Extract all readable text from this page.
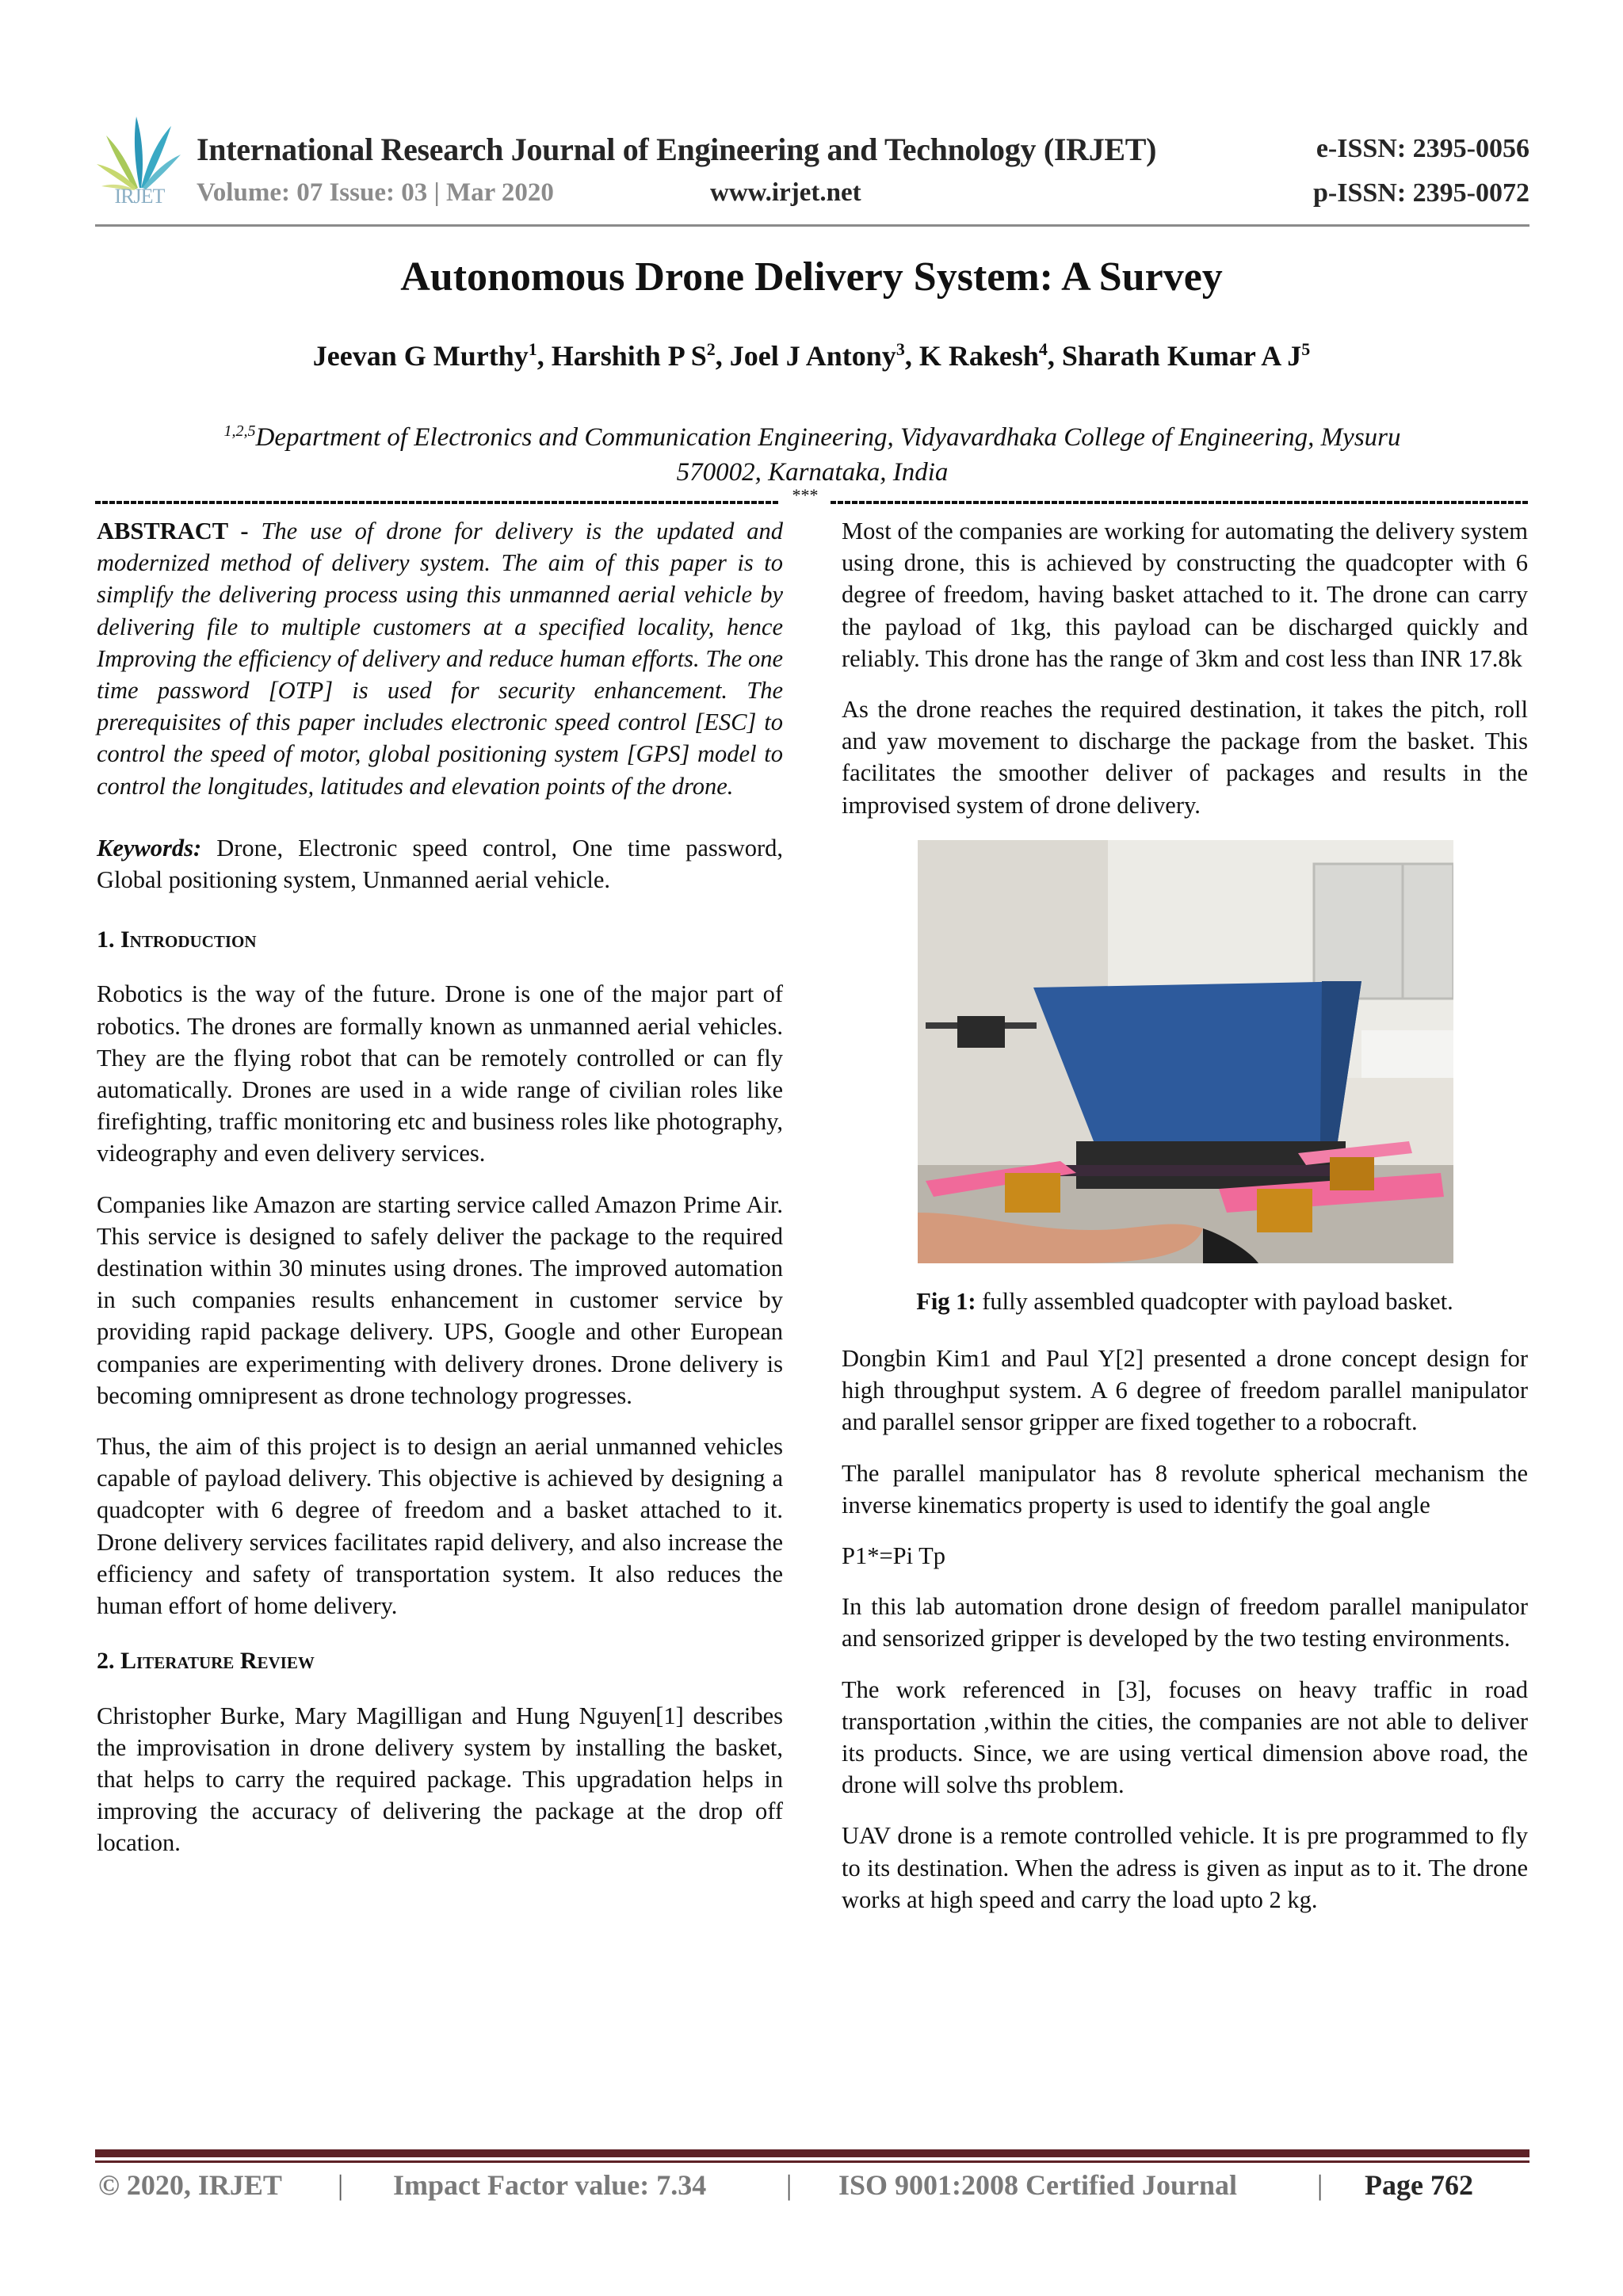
IRJET
International Research Journal of Engineering and Technology (IRJET)	e-ISSN: 2395-0056
Volume: 07 Issue: 03 | Mar 2020	www.irjet.net	p-ISSN: 2395-0072
Autonomous Drone Delivery System: A Survey
Jeevan G Murthy$^1$, Harshith P $S^2$, Joel J Antony$^3$, K Rakesh$^4$, Sharath Kumar A $J^5$
$^{1,2,5}$Department of Electronics and Communication Engineering, Vidyavardhaka College of Engineering, Mysuru
570002, Karnataka, India
***

ABSTRACT - The use of drone for delivery is the updated and modernized method of delivery system. The aim of this paper is to simplify the delivering process using this unmanned aerial vehicle by delivering file to multiple customers at a specified locality, hence Improving the efficiency of delivery and reduce human efforts. The one time password [OTP] is used for security enhancement. The prerequisites of this paper includes electronic speed control [ESC] to control the speed of motor, global positioning system [GPS] model to control the longitudes, latitudes and elevation points of the drone.

Keywords: Drone, Electronic speed control, One time password, Global positioning system, Unmanned aerial vehicle.

1. Introduction

Robotics is the way of the future. Drone is one of the major part of robotics. The drones are formally known as unmanned aerial vehicles. They are the flying robot that can be remotely controlled or can fly automatically. Drones are used in a wide range of civilian roles like firefighting, traffic monitoring etc and business roles like photography, videography and even delivery services.

Companies like Amazon are starting service called Amazon Prime Air. This service is designed to safely deliver the package to the required destination within 30 minutes using drones. The improved automation in such companies results enhancement in customer service by providing rapid package delivery. UPS, Google and other European companies are experimenting with delivery drones. Drone delivery is becoming omnipresent as drone technology progresses.

Thus, the aim of this project is to design an aerial unmanned vehicles capable of payload delivery. This objective is achieved by designing a quadcopter with 6 degree of freedom and a basket attached to it. Drone delivery services facilitates rapid delivery, and also increase the efficiency and safety of transportation system. It also reduces the human effort of home delivery.

2. Literature Review

Christopher Burke, Mary Magilligan and Hung Nguyen[1] describes the improvisation in drone delivery system by installing the basket, that helps to carry the required package. This upgradation helps in improving the accuracy of delivering the package at the drop off location.

Most of the companies are working for automating the delivery system using drone, this is achieved by constructing the quadcopter with 6 degree of freedom, having basket attached to it. The drone can carry the payload of 1kg, this payload can be discharged quickly and reliably. This drone has the range of 3km and cost less than INR 17.8k

As the drone reaches the required destination, it takes the pitch, roll and yaw movement to discharge the package from the basket. This facilitates the smoother deliver of packages and results in the improvised system of drone delivery.

Fig 1: fully assembled quadcopter with payload basket.

Dongbin Kim1 and Paul Y[2] presented a drone concept design for high throughput system. A 6 degree of freedom parallel manipulator and parallel sensor gripper are fixed together to a robocraft.

The parallel manipulator has 8 revolute spherical mechanism the inverse kinematics property is used to identify the goal angle

P1*=Pi Tp

In this lab automation drone design of freedom parallel manipulator and sensorized gripper is developed by the two testing environments.

The work referenced in [3], focuses on heavy traffic in road transportation ,within the cities, the companies are not able to deliver its products. Since, we are using vertical dimension above road, the drone will solve ths problem.

UAV drone is a remote controlled vehicle. It is pre programmed to fly to its destination. When the adress is given as input as to it. The drone works at high speed and carry the load upto 2 kg.

© 2020, IRJET | Impact Factor value: 7.34	| ISO 9001:2008 Certified Journal	| Page 762
